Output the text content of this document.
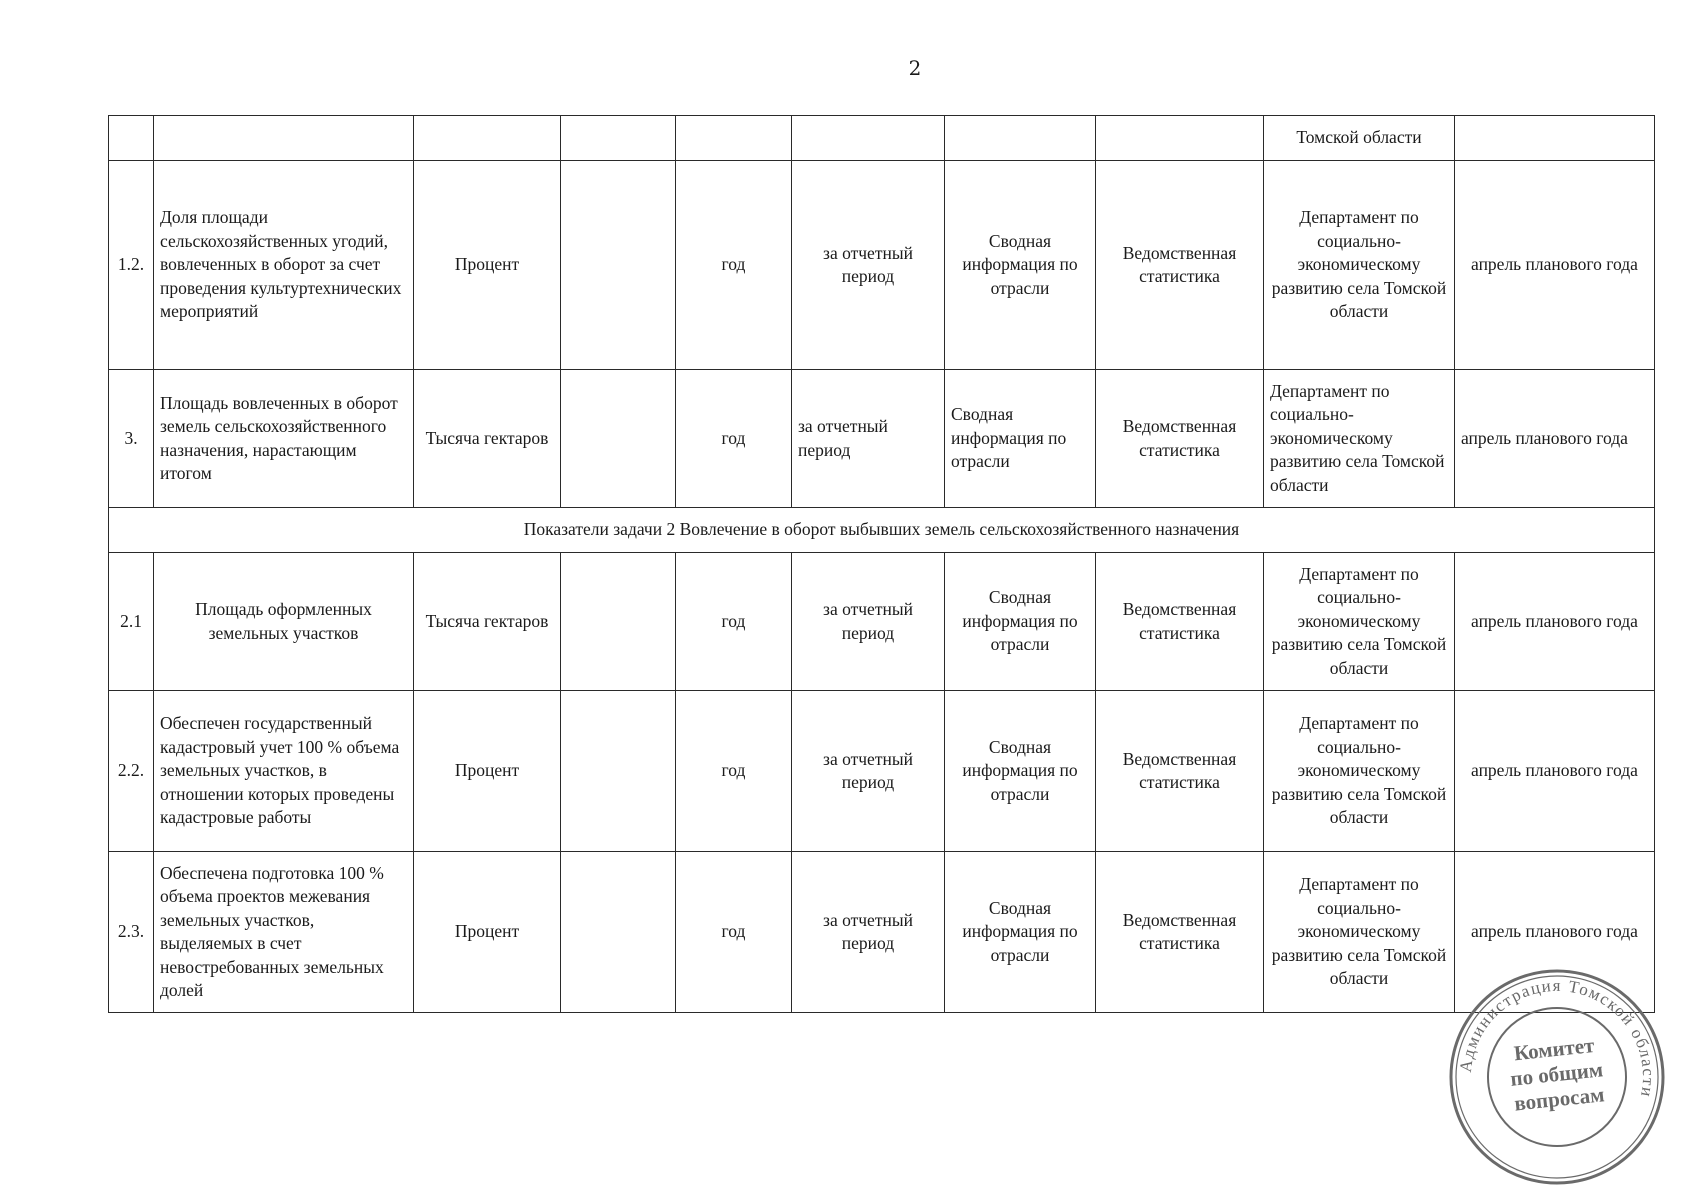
2
								Томской области	
1.2.	Доля площади сельскохозяйственных угодий, вовлеченных в оборот за счет проведения культуртехнических мероприятий	Процент		год	за отчетный период	Сводная информация по отрасли	Ведомственная статистика	Департамент по социально-экономическому развитию села Томской области	апрель планового года
3.	Площадь вовлеченных в оборот земель сельскохозяйственного назначения, нарастающим итогом	Тысяча гектаров		год	за отчетный период	Сводная информация по отрасли	Ведомственная статистика	Департамент по социально-экономическому развитию села Томской области	апрель планового года
Показатели задачи 2 Вовлечение в оборот выбывших земель сельскохозяйственного назначения									
2.1	Площадь оформленных земельных участков	Тысяча гектаров		год	за отчетный период	Сводная информация по отрасли	Ведомственная статистика	Департамент по социально-экономическому развитию села Томской области	апрель планового года
2.2.	Обеспечен государственный кадастровый учет 100 % объема земельных участков, в отношении которых проведены кадастровые работы	Процент		год	за отчетный период	Сводная информация по отрасли	Ведомственная статистика	Департамент по социально-экономическому развитию села Томской области	апрель планового года
2.3.	Обеспечена подготовка 100 % объема проектов межевания земельных участков, выделяемых в счет невостребованных земельных долей	Процент		год	за отчетный период	Сводная информация по отрасли	Ведомственная статистика	Департамент по социально-экономическому развитию села Томской области	апрель планового года
Администрация Томской области
Комитет
по общим
вопросам
